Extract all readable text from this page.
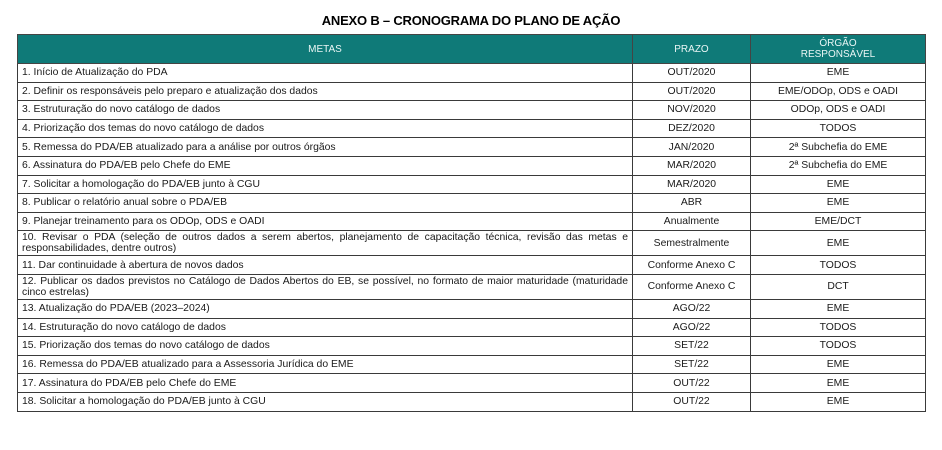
ANEXO B – CRONOGRAMA DO PLANO DE AÇÃO
METAS	PRAZO	ÓRGÃO
RESPONSÁVEL
1. Início de Atualização do PDA	OUT/2020	EME
2. Definir os responsáveis pelo preparo e atualização dos dados	OUT/2020	EME/ODOp, ODS e OADI
3. Estruturação do novo catálogo de dados	NOV/2020	ODOp, ODS e OADI
4. Priorização dos temas do novo catálogo de dados	DEZ/2020	TODOS
5. Remessa do PDA/EB atualizado para a análise por outros órgãos	JAN/2020	2ª Subchefia do EME
6. Assinatura do PDA/EB pelo Chefe do EME	MAR/2020	2ª Subchefia do EME
7. Solicitar a homologação do PDA/EB junto à CGU	MAR/2020	EME
8. Publicar o relatório anual sobre o PDA/EB	ABR	EME
9. Planejar treinamento para os ODOp, ODS e OADI	Anualmente	EME/DCT
10. Revisar o PDA (seleção de outros dados a serem abertos, planejamento de capacitação técnica, revisão das metas e responsabilidades, dentre outros)	Semestralmente	EME
11. Dar continuidade à abertura de novos dados	Conforme Anexo C	TODOS
12. Publicar os dados previstos no Catálogo de Dados Abertos do EB, se possível, no formato de maior maturidade (maturidade cinco estrelas)	Conforme Anexo C	DCT
13. Atualização do PDA/EB (2023–2024)	AGO/22	EME
14. Estruturação do novo catálogo de dados	AGO/22	TODOS
15. Priorização dos temas do novo catálogo de dados	SET/22	TODOS
16. Remessa do PDA/EB atualizado para a Assessoria Jurídica do EME	SET/22	EME
17. Assinatura do PDA/EB pelo Chefe do EME	OUT/22	EME
18. Solicitar a homologação do PDA/EB junto à CGU	OUT/22	EME
